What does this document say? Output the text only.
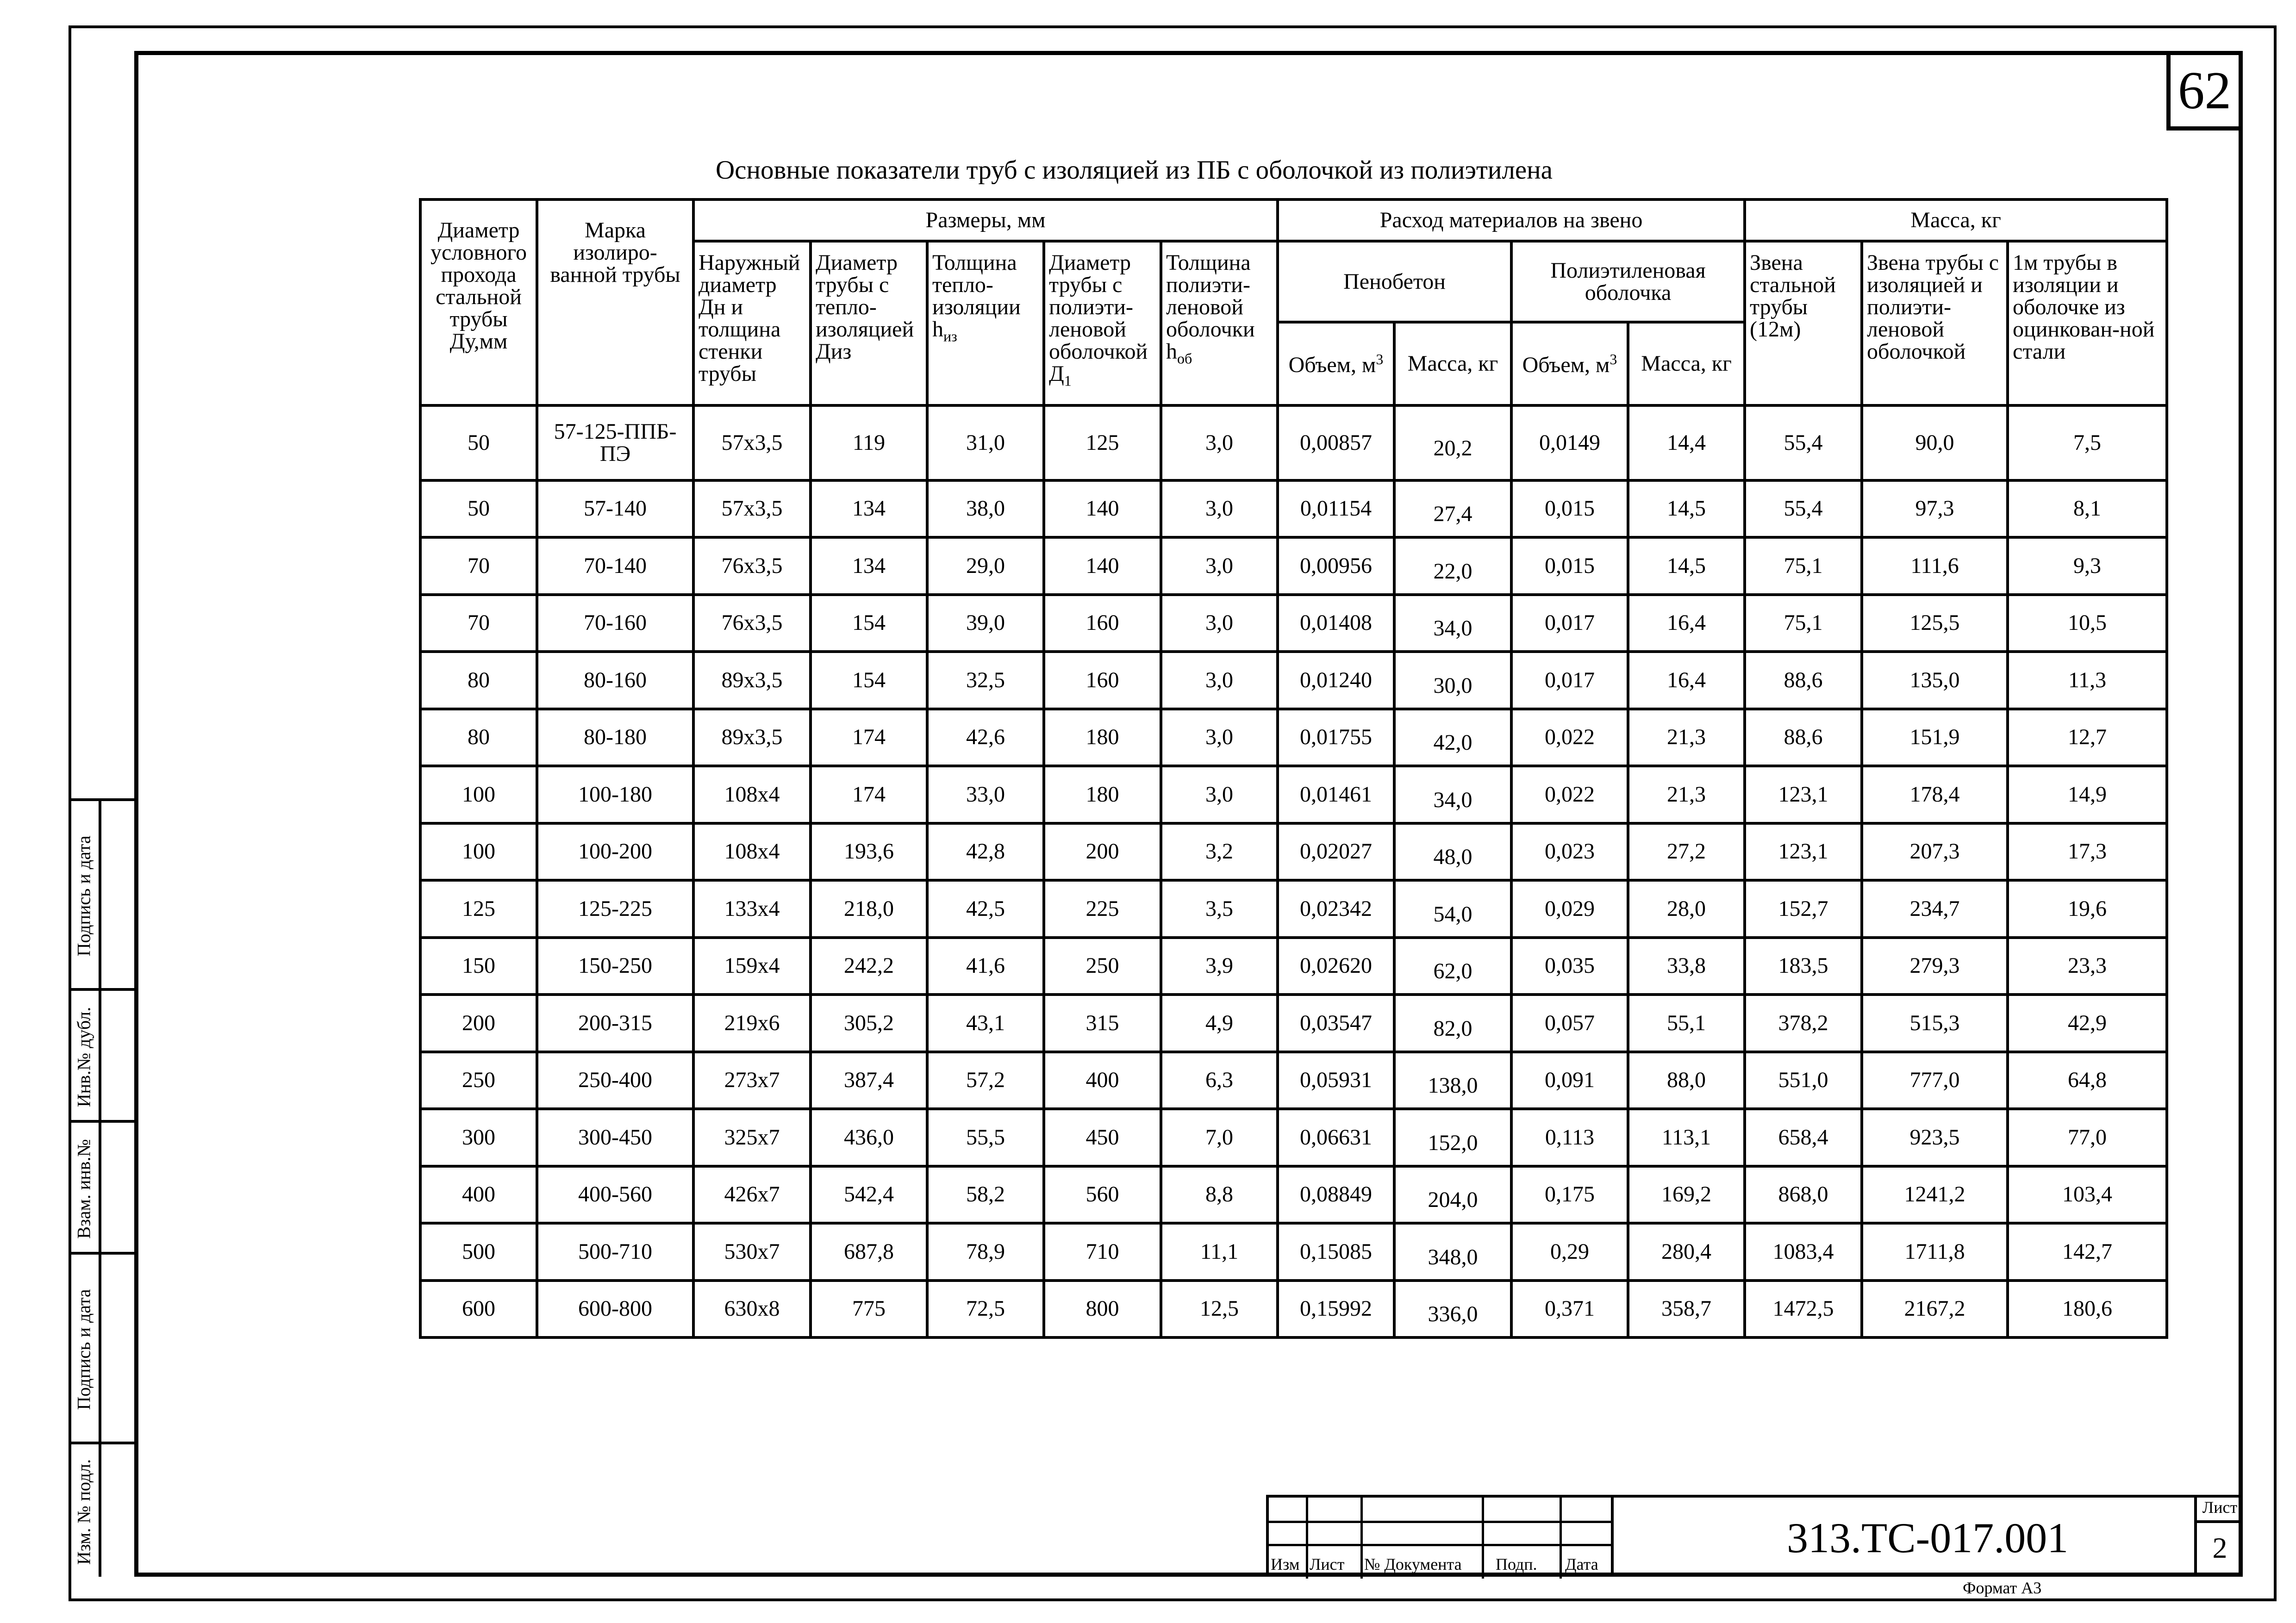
62
Основные показатели труб с изоляцией из ПБ с оболочкой из полиэтилена
Диаметр условного прохода стальной трубы Ду,мм	Марка изолиро-ванной трубы	Размеры, мм					Расход материалов на звено				Масса, кг		
		Наружный диаметр Дн и толщина стенки трубы	Диаметр трубы с тепло-изоляцией Диз	Толщина тепло-изоляции $h_{из}$	Диаметр трубы с полиэти-леновой оболочкой $Д_1$	Толщина полиэти-леновой оболочки $h_{об}$	Пенобетон		Полиэтиленовая оболочка		Звена стальной трубы (12м)	Звена трубы с изоляцией и полиэти-леновой оболочкой	1м трубы в изоляции и оболочке из оцинкован-ной стали
							Объем, $м^3$	Масса, кг	Объем, $м^3$	Масса, кг			
50	57-125-ППБ-ПЭ	57х3,5	119	31,0	125	3,0	0,00857	20,2	0,0149	14,4	55,4	90,0	7,5
50	57-140	57х3,5	134	38,0	140	3,0	0,01154	27,4	0,015	14,5	55,4	97,3	8,1
70	70-140	76х3,5	134	29,0	140	3,0	0,00956	22,0	0,015	14,5	75,1	111,6	9,3
70	70-160	76х3,5	154	39,0	160	3,0	0,01408	34,0	0,017	16,4	75,1	125,5	10,5
80	80-160	89х3,5	154	32,5	160	3,0	0,01240	30,0	0,017	16,4	88,6	135,0	11,3
80	80-180	89х3,5	174	42,6	180	3,0	0,01755	42,0	0,022	21,3	88,6	151,9	12,7
100	100-180	108х4	174	33,0	180	3,0	0,01461	34,0	0,022	21,3	123,1	178,4	14,9
100	100-200	108х4	193,6	42,8	200	3,2	0,02027	48,0	0,023	27,2	123,1	207,3	17,3
125	125-225	133х4	218,0	42,5	225	3,5	0,02342	54,0	0,029	28,0	152,7	234,7	19,6
150	150-250	159х4	242,2	41,6	250	3,9	0,02620	62,0	0,035	33,8	183,5	279,3	23,3
200	200-315	219х6	305,2	43,1	315	4,9	0,03547	82,0	0,057	55,1	378,2	515,3	42,9
250	250-400	273х7	387,4	57,2	400	6,3	0,05931	138,0	0,091	88,0	551,0	777,0	64,8
300	300-450	325х7	436,0	55,5	450	7,0	0,06631	152,0	0,113	113,1	658,4	923,5	77,0
400	400-560	426х7	542,4	58,2	560	8,8	0,08849	204,0	0,175	169,2	868,0	1241,2	103,4
500	500-710	530х7	687,8	78,9	710	11,1	0,15085	348,0	0,29	280,4	1083,4	1711,8	142,7
600	600-800	630х8	775	72,5	800	12,5	0,15992	336,0	0,371	358,7	1472,5	2167,2	180,6
Подпись и дата
Инв.№ дубл.
Взам. инв.№
Подпись и дата
Изм. № подл.	Изм Лист № Документа Подп. Дата
313.ТС-017.001
Лист
2
Формат А3
